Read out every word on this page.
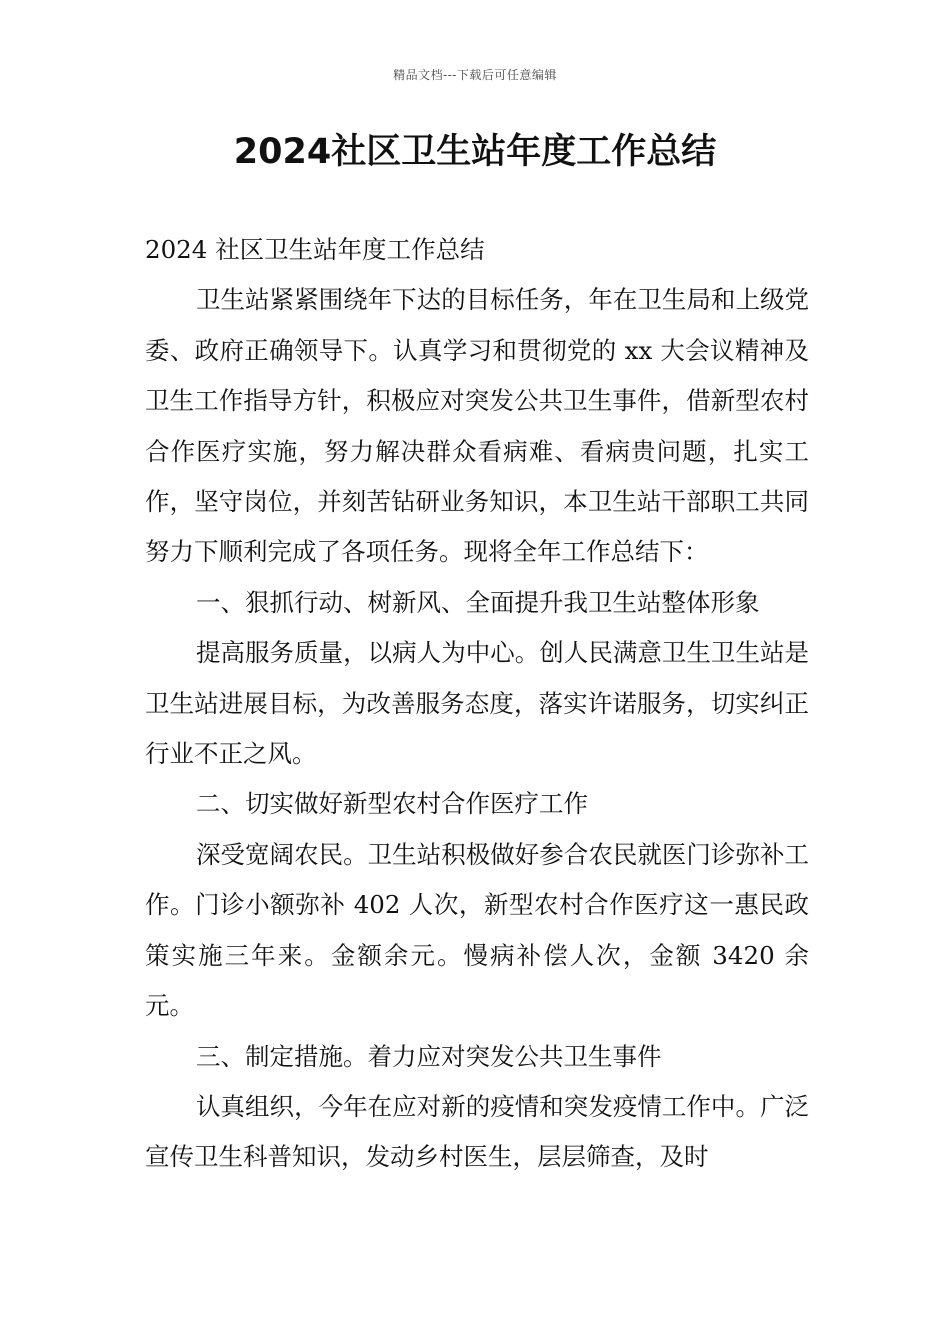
精品文档---下载后可任意编辑
2024社区卫生站年度工作总结

2024 社区卫生站年度工作总结

卫生站紧紧围绕年下达的目标任务，年在卫生局和上级党委、政府正确领导下。认真学习和贯彻党的 xx 大会议精神及卫生工作指导方针，积极应对突发公共卫生事件，借新型农村合作医疗实施，努力解决群众看病难、看病贵问题，扎实工作，坚守岗位，并刻苦钻研业务知识，本卫生站干部职工共同努力下顺利完成了各项任务。现将全年工作总结下：

一、狠抓行动、树新风、全面提升我卫生站整体形象

提高服务质量，以病人为中心。创人民满意卫生卫生站是卫生站进展目标，为改善服务态度，落实许诺服务，切实纠正行业不正之风。

二、切实做好新型农村合作医疗工作

深受宽阔农民。卫生站积极做好参合农民就医门诊弥补工作。门诊小额弥补 402 人次，新型农村合作医疗这一惠民政策实施三年来。金额余元。慢病补偿人次，金额 3420 余元。

三、制定措施。着力应对突发公共卫生事件

认真组织，今年在应对新的疫情和突发疫情工作中。广泛宣传卫生科普知识，发动乡村医生，层层筛查，及时
